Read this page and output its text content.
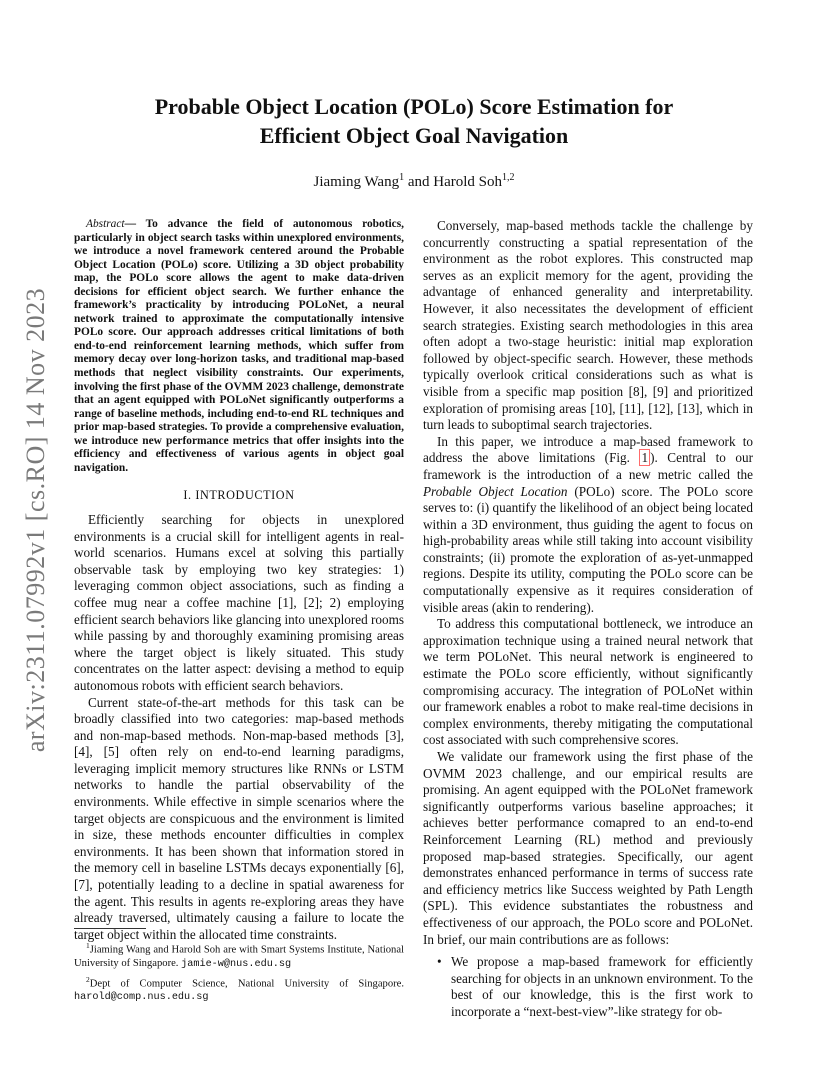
arXiv:2311.07992v1 [cs.RO] 14 Nov 2023
Probable Object Location (POLo) Score Estimation for
Efficient Object Goal Navigation

Jiaming Wang$^1$ and Harold Soh$^{1,2}$

Abstract— To advance the field of autonomous robotics, particularly in object search tasks within unexplored environments, we introduce a novel framework centered around the Probable Object Location (POLo) score. Utilizing a 3D object probability map, the POLo score allows the agent to make data-driven decisions for efficient object search. We further enhance the framework’s practicality by introducing POLoNet, a neural network trained to approximate the computationally intensive POLo score. Our approach addresses critical limitations of both end-to-end reinforcement learning methods, which suffer from memory decay over long-horizon tasks, and traditional map-based methods that neglect visibility constraints. Our experiments, involving the first phase of the OVMM 2023 challenge, demonstrate that an agent equipped with POLoNet significantly outperforms a range of baseline methods, including end-to-end RL techniques and prior map-based strategies. To provide a comprehensive evaluation, we introduce new performance metrics that offer insights into the efficiency and effectiveness of various agents in object goal navigation.

I. INTRODUCTION

Efficiently searching for objects in unexplored environments is a crucial skill for intelligent agents in real-world scenarios. Humans excel at solving this partially observable task by employing two key strategies: 1) leveraging common object associations, such as finding a coffee mug near a coffee machine [1], [2]; 2) employing efficient search behaviors like glancing into unexplored rooms while passing by and thoroughly examining promising areas where the target object is likely situated. This study concentrates on the latter aspect: devising a method to equip autonomous robots with efficient search behaviors.

Current state-of-the-art methods for this task can be broadly classified into two categories: map-based methods and non-map-based methods. Non-map-based methods [3], [4], [5] often rely on end-to-end learning paradigms, leveraging implicit memory structures like RNNs or LSTM networks to handle the partial observability of the environments. While effective in simple scenarios where the target objects are conspicuous and the environment is limited in size, these methods encounter difficulties in complex environments. It has been shown that information stored in the memory cell in baseline LSTMs decays exponentially [6], [7], potentially leading to a decline in spatial awareness for the agent. This results in agents re-exploring areas they have already traversed, ultimately causing a failure to locate the target object within the allocated time constraints.

$^1$Jiaming Wang and Harold Soh are with Smart Systems Institute, National University of Singapore. jamie-w@nus.edu.sg

$^2$Dept of Computer Science, National University of Singapore. harold@comp.nus.edu.sg

Conversely, map-based methods tackle the challenge by concurrently constructing a spatial representation of the environment as the robot explores. This constructed map serves as an explicit memory for the agent, providing the advantage of enhanced generality and interpretability. However, it also necessitates the development of efficient search strategies. Existing search methodologies in this area often adopt a two-stage heuristic: initial map exploration followed by object-specific search. However, these methods typically overlook critical considerations such as what is visible from a specific map position [8], [9] and prioritized exploration of promising areas [10], [11], [12], [13], which in turn leads to suboptimal search trajectories.

In this paper, we introduce a map-based framework to address the above limitations (Fig. 1 ). Central to our framework is the introduction of a new metric called the Probable Object Location (POLo) score. The POLo score serves to: (i) quantify the likelihood of an object being located within a 3D environment, thus guiding the agent to focus on high-probability areas while still taking into account visibility constraints; (ii) promote the exploration of as-yet-unmapped regions. Despite its utility, computing the POLo score can be computationally expensive as it requires consideration of visible areas (akin to rendering).

To address this computational bottleneck, we introduce an approximation technique using a trained neural network that we term POLoNet. This neural network is engineered to estimate the POLo score efficiently, without significantly compromising accuracy. The integration of POLoNet within our framework enables a robot to make real-time decisions in complex environments, thereby mitigating the computational cost associated with such comprehensive scores.

We validate our framework using the first phase of the OVMM 2023 challenge, and our empirical results are promising. An agent equipped with the POLoNet framework significantly outperforms various baseline approaches; it achieves better performance comapred to an end-to-end Reinforcement Learning (RL) method and previously proposed map-based strategies. Specifically, our agent demonstrates enhanced performance in terms of success rate and efficiency metrics like Success weighted by Path Length (SPL). This evidence substantiates the robustness and effectiveness of our approach, the POLo score and POLoNet. In brief, our main contributions are as follows:

• We propose a map-based framework for efficiently searching for objects in an unknown environment. To the best of our knowledge, this is the first work to incorporate a “next-best-view”-like strategy for ob-
